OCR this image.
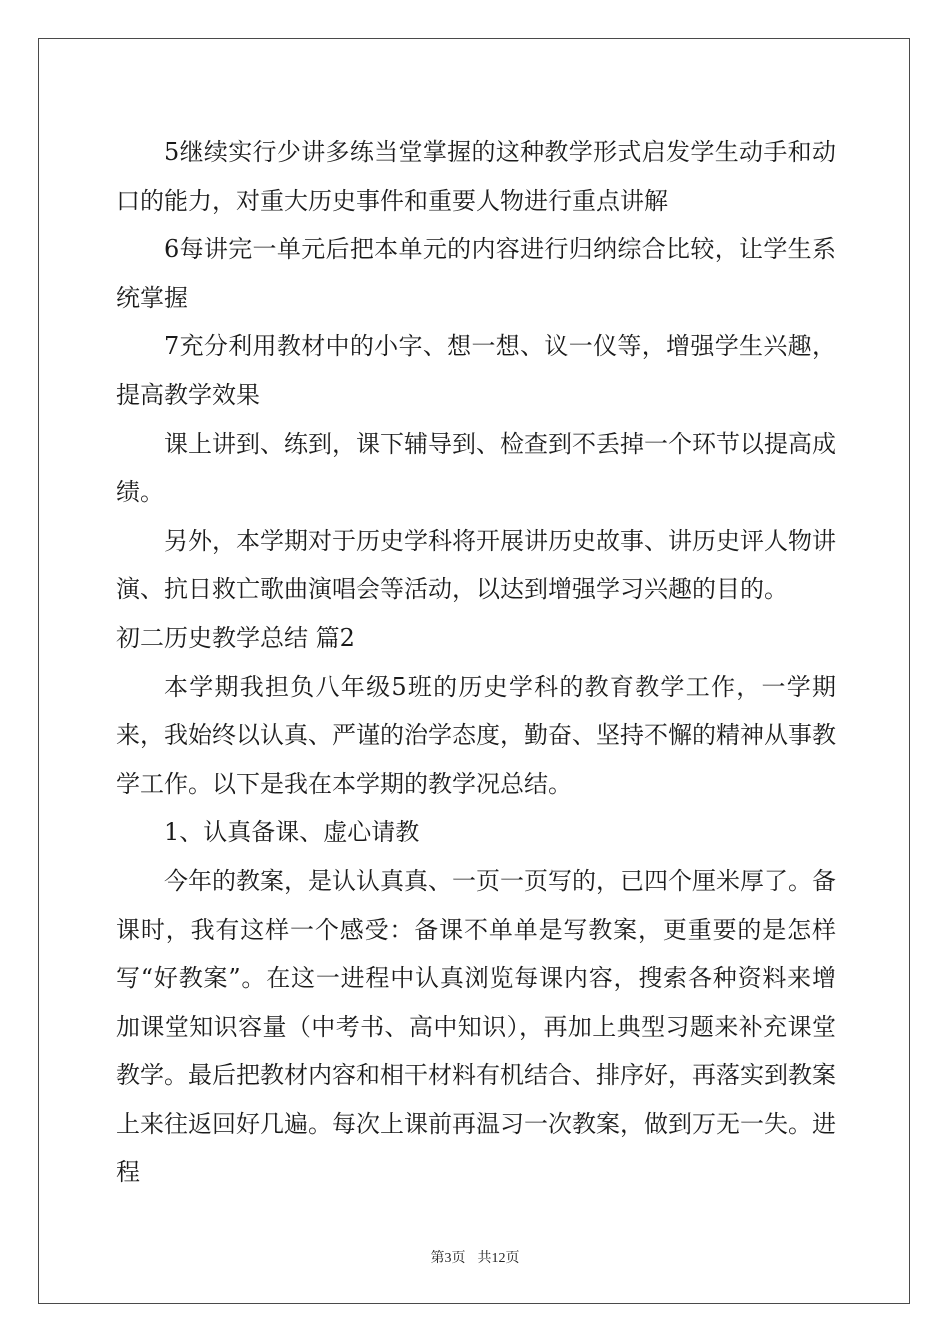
5继续实行少讲多练当堂掌握的这种教学形式启发学生动手和动口的能力，对重大历史事件和重要人物进行重点讲解

6每讲完一单元后把本单元的内容进行归纳综合比较，让学生系统掌握

7充分利用教材中的小字、想一想、议一仪等，增强学生兴趣，提高教学效果

课上讲到、练到，课下辅导到、检查到不丢掉一个环节以提高成绩。

另外，本学期对于历史学科将开展讲历史故事、讲历史评人物讲演、抗日救亡歌曲演唱会等活动，以达到增强学习兴趣的目的。

初二历史教学总结 篇2

本学期我担负八年级5班的历史学科的教育教学工作，一学期来，我始终以认真、严谨的治学态度，勤奋、坚持不懈的精神从事教学工作。以下是我在本学期的教学况总结。

1、认真备课、虚心请教

今年的教案，是认认真真、一页一页写的，已四个厘米厚了。备课时，我有这样一个感受：备课不单单是写教案，更重要的是怎样写“好教案”。在这一进程中认真浏览每课内容，搜索各种资料来增加课堂知识容量（中考书、高中知识），再加上典型习题来补充课堂教学。最后把教材内容和相干材料有机结合、排序好，再落实到教案上来往返回好几遍。每次上课前再温习一次教案，做到万无一失。进程

第3页 共12页
